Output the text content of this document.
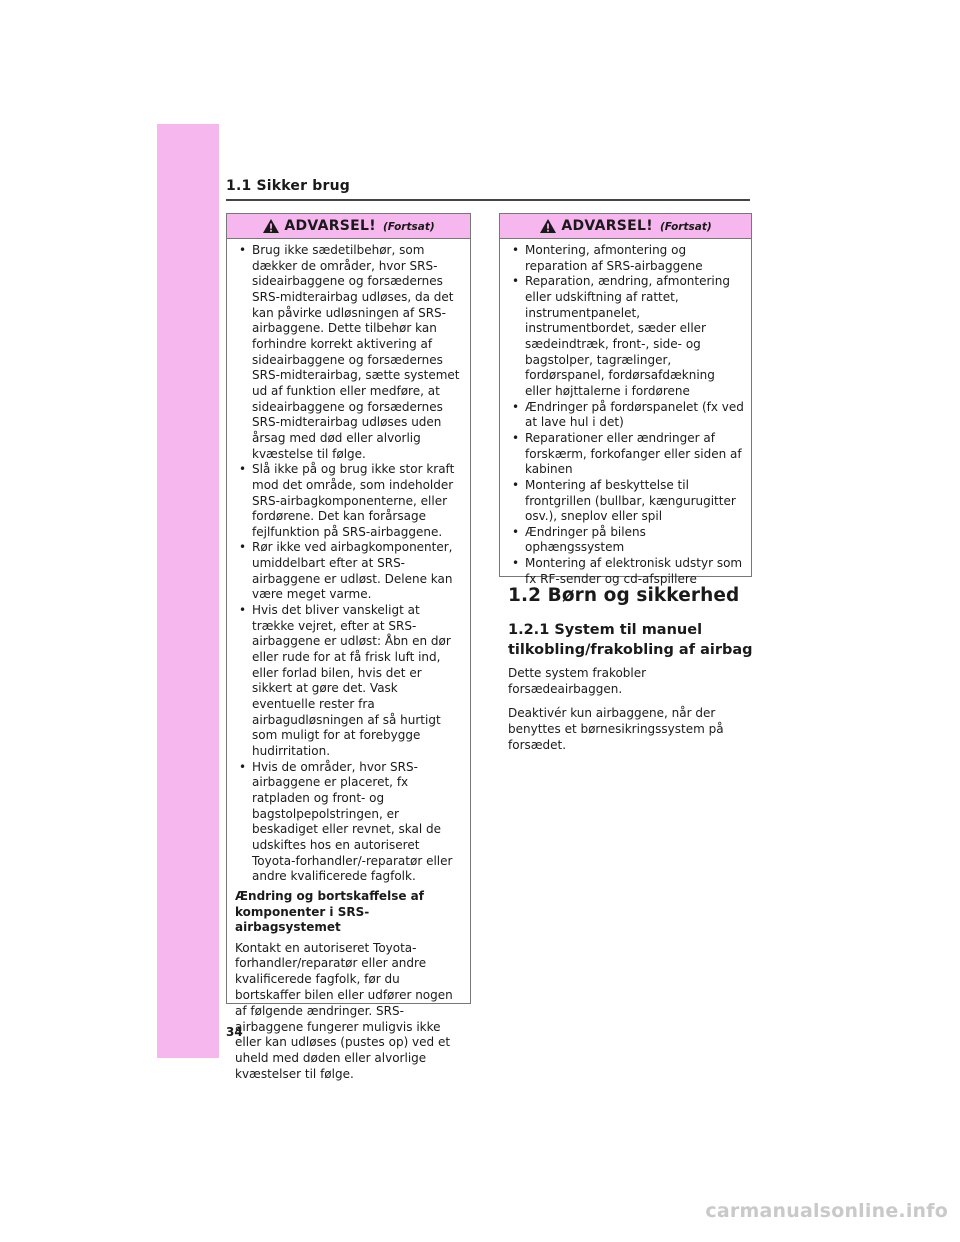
1.1 Sikker brug
ADVARSEL! (Fortsat)
• Brug ikke sædetilbehør, som dækker de områder, hvor SRS-sideairbaggene og forsædernes SRS-midterairbag udløses, da det kan påvirke udløsningen af SRS-airbaggene. Dette tilbehør kan forhindre korrekt aktivering af sideairbaggene og forsædernes SRS-midterairbag, sætte systemet ud af funktion eller medføre, at sideairbaggene og forsædernes SRS-midterairbag udløses uden årsag med død eller alvorlig kvæstelse til følge.
• Slå ikke på og brug ikke stor kraft mod det område, som indeholder SRS-airbagkomponenterne, eller fordørene. Det kan forårsage fejlfunktion på SRS-airbaggene.
• Rør ikke ved airbagkomponenter, umiddelbart efter at SRS-airbaggene er udløst. Delene kan være meget varme.
• Hvis det bliver vanskeligt at trække vejret, efter at SRS-airbaggene er udløst: Åbn en dør eller rude for at få frisk luft ind, eller forlad bilen, hvis det er sikkert at gøre det. Vask eventuelle rester fra airbagudløsningen af så hurtigt som muligt for at forebygge hudirritation.
• Hvis de områder, hvor SRS-airbaggene er placeret, fx ratpladen og front- og bagstolpepolstringen, er beskadiget eller revnet, skal de udskiftes hos en autoriseret Toyota-forhandler/-reparatør eller andre kvalificerede fagfolk.
Ændring og bortskaffelse af komponenter i SRS-airbagsystemet
Kontakt en autoriseret Toyota-forhandler/reparatør eller andre kvalificerede fagfolk, før du bortskaffer bilen eller udfører nogen af følgende ændringer. SRS-airbaggene fungerer muligvis ikke eller kan udløses (pustes op) ved et uheld med døden eller alvorlige kvæstelser til følge.
ADVARSEL! (Fortsat)
• Montering, afmontering og reparation af SRS-airbaggene
• Reparation, ændring, afmontering eller udskiftning af rattet, instrumentpanelet, instrumentbordet, sæder eller sædeindtræk, front-, side- og bagstolper, tagrælinger, fordørspanel, fordørsafdækning eller højttalerne i fordørene
• Ændringer på fordørspanelet (fx ved at lave hul i det)
• Reparationer eller ændringer af forskærm, forkofanger eller siden af kabinen
• Montering af beskyttelse til frontgrillen (bullbar, kængurugitter osv.), sneplov eller spil
• Ændringer på bilens ophængssystem
• Montering af elektronisk udstyr som fx RF-sender og cd-afspillere
1.2 Børn og sikkerhed
1.2.1 System til manuel tilkobling/frakobling af airbag
Dette system frakobler forsædeairbaggen.
Deaktivér kun airbaggene, når der benyttes et børnesikringssystem på forsædet.
34
carmanualsonline.info
